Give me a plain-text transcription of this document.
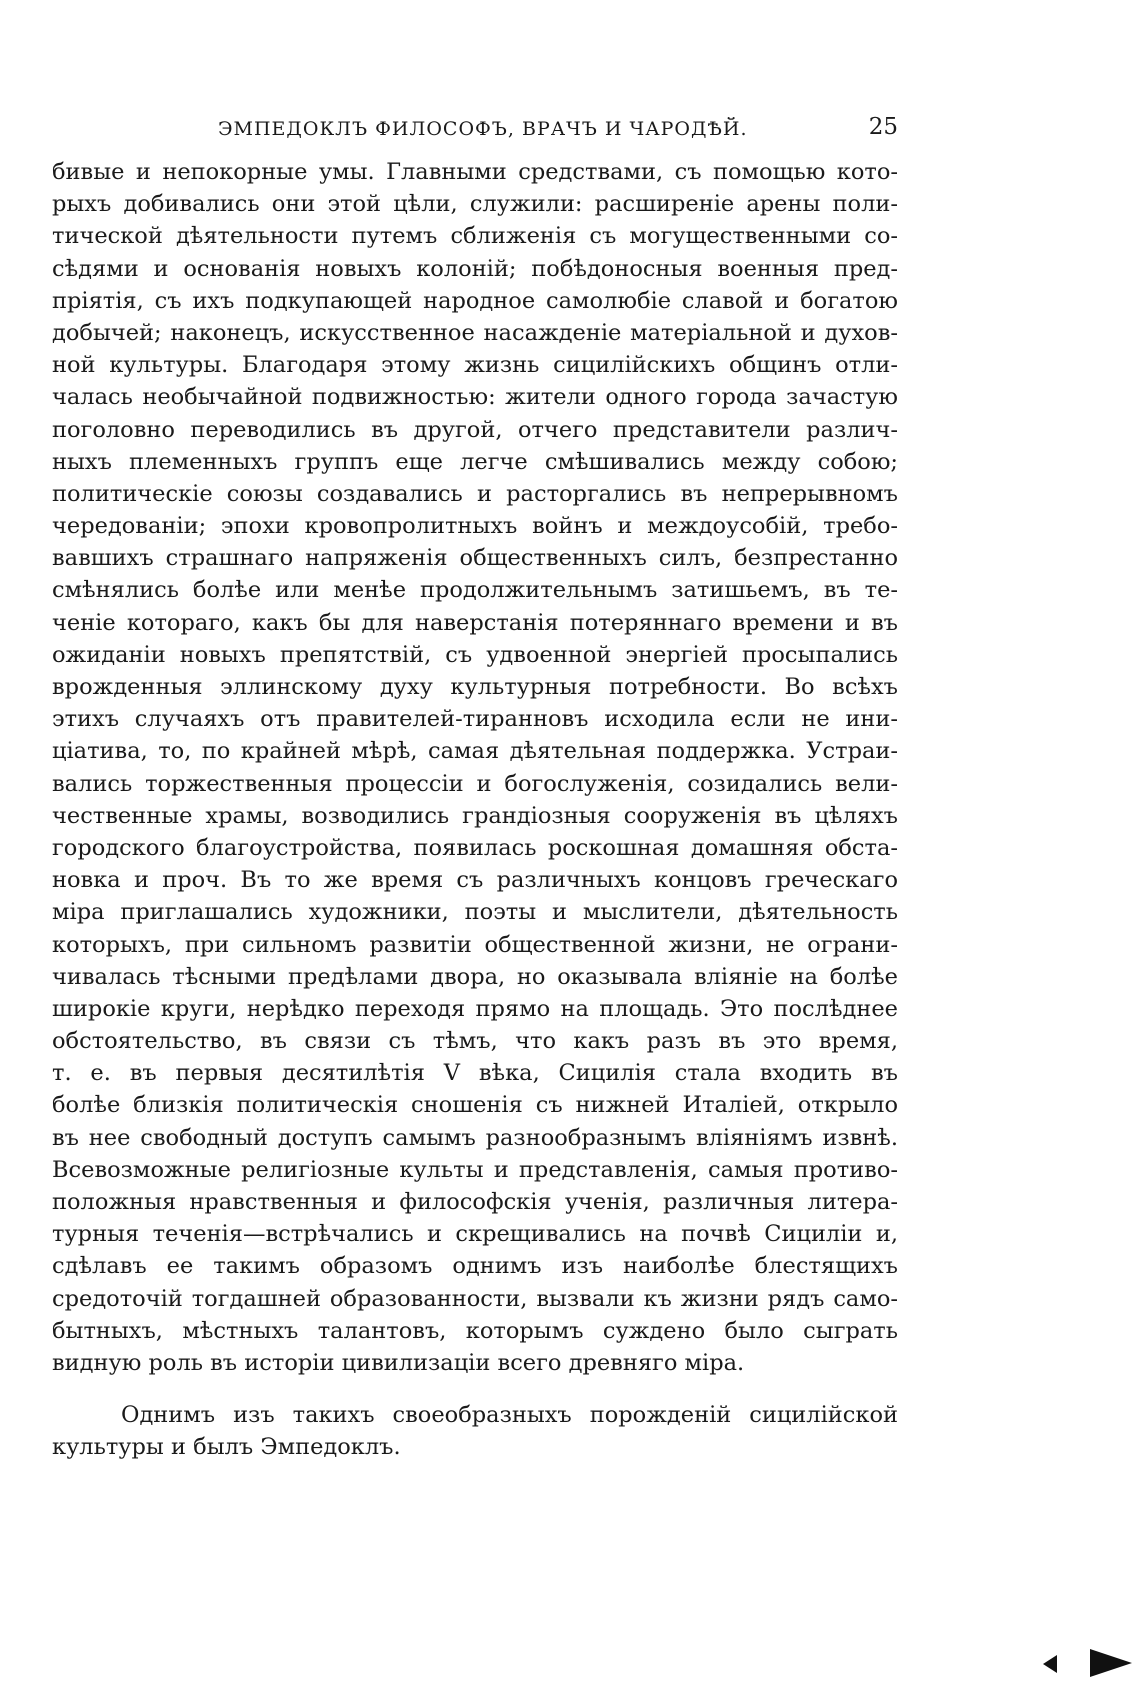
ЭМПЕДОКЛЪ ФИЛОСОФЪ, ВРАЧЪ И ЧАРОДѢЙ.	25
бивые и непокорные умы. Главными средствами, съ помощью кото-
рыхъ добивались они этой цѣли, служили: расширеніе арены поли-
тической дѣятельности путемъ сближенія съ могущественными со-
сѣдями и основанія новыхъ колоній; побѣдоносныя военныя пред-
пріятія, съ ихъ подкупающей народное самолюбіе славой и богатою
добычей; наконецъ, искусственное насажденіе матеріальной и духов-
ной культуры. Благодаря этому жизнь сицилійскихъ общинъ отли-
чалась необычайной подвижностью: жители одного города зачастую
поголовно переводились въ другой, отчего представители различ-
ныхъ племенныхъ группъ еще легче смѣшивались между собою;
политическіе союзы создавались и расторгались въ непрерывномъ
чередованіи; эпохи кровопролитныхъ войнъ и междоусобій, требо-
вавшихъ страшнаго напряженія общественныхъ силъ, безпрестанно
смѣнялись болѣе или менѣе продолжительнымъ затишьемъ, въ те-
ченіе котораго, какъ бы для наверстанія потеряннаго времени и въ
ожиданіи новыхъ препятствій, съ удвоенной энергіей просыпались
врожденныя эллинскому духу культурныя потребности. Во всѣхъ
этихъ случаяхъ отъ правителей-тиранновъ исходила если не ини-
ціатива, то, по крайней мѣрѣ, самая дѣятельная поддержка. Устраи-
вались торжественныя процессіи и богослуженія, созидались вели-
чественные храмы, возводились грандіозныя сооруженія въ цѣляхъ
городского благоустройства, появилась роскошная домашняя обста-
новка и проч. Въ то же время съ различныхъ концовъ греческаго
міра приглашались художники, поэты и мыслители, дѣятельность
которыхъ, при сильномъ развитіи общественной жизни, не ограни-
чивалась тѣсными предѣлами двора, но оказывала вліяніе на болѣе
широкіе круги, нерѣдко переходя прямо на площадь. Это послѣднее
обстоятельство, въ связи съ тѣмъ, что какъ разъ въ это время,
т. е. въ первыя десятилѣтія V вѣка, Сицилія стала входить въ
болѣе близкія политическія сношенія съ нижней Италіей, открыло
въ нее свободный доступъ самымъ разнообразнымъ вліяніямъ извнѣ.
Всевозможные религіозные культы и представленія, самыя противо-
положныя нравственныя и философскія ученія, различныя литера-
турныя теченія—встрѣчались и скрещивались на почвѣ Сициліи и,
сдѣлавъ ее такимъ образомъ однимъ изъ наиболѣе блестящихъ
средоточій тогдашней образованности, вызвали къ жизни рядъ само-
бытныхъ, мѣстныхъ талантовъ, которымъ суждено было сыграть
видную роль въ исторіи цивилизаціи всего древняго міра.
Однимъ изъ такихъ своеобразныхъ порожденій сицилійской
культуры и былъ Эмпедоклъ.
